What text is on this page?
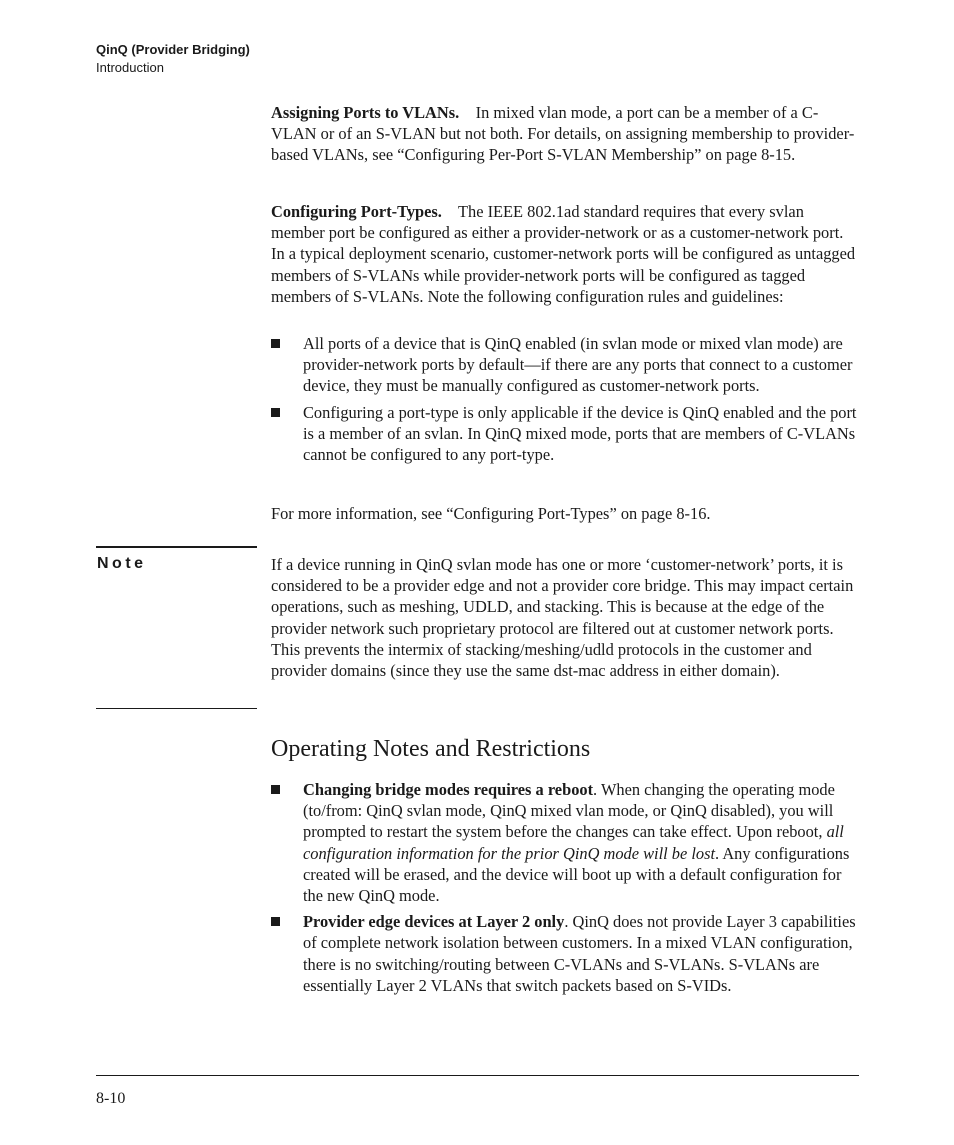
QinQ (Provider Bridging)
Introduction

Assigning Ports to VLANs. In mixed vlan mode, a port can be a member of a C-VLAN or of an S-VLAN but not both. For details, on assigning membership to provider-based VLANs, see “Configuring Per-Port S-VLAN Membership” on page 8-15.

Configuring Port-Types. The IEEE 802.1ad standard requires that every svlan member port be configured as either a provider-network or as a customer-network port. In a typical deployment scenario, customer-network ports will be configured as untagged members of S-VLANs while provider-network ports will be configured as tagged members of S-VLANs. Note the following configuration rules and guidelines:

All ports of a device that is QinQ enabled (in svlan mode or mixed vlan mode) are provider-network ports by default—if there are any ports that connect to a customer device, they must be manually configured as customer-network ports.
Configuring a port-type is only applicable if the device is QinQ enabled and the port is a member of an svlan. In QinQ mixed mode, ports that are members of C-VLANs cannot be configured to any port-type.

For more information, see “Configuring Port-Types” on page 8-16.

Note	If a device running in QinQ svlan mode has one or more ‘customer-network’ ports, it is considered to be a provider edge and not a provider core bridge. This may impact certain operations, such as meshing, UDLD, and stacking. This is because at the edge of the provider network such proprietary protocol are filtered out at customer network ports. This prevents the intermix of stacking/meshing/udld protocols in the customer and provider domains (since they use the same dst-mac address in either domain).

Operating Notes and Restrictions
Changing bridge modes requires a reboot. When changing the operating mode (to/from: QinQ svlan mode, QinQ mixed vlan mode, or QinQ disabled), you will prompted to restart the system before the changes can take effect. Upon reboot, all configuration information for the prior QinQ mode will be lost. Any configurations created will be erased, and the device will boot up with a default configuration for the new QinQ mode.
Provider edge devices at Layer 2 only. QinQ does not provide Layer 3 capabilities of complete network isolation between customers. In a mixed VLAN configuration, there is no switching/routing between C-VLANs and S-VLANs. S-VLANs are essentially Layer 2 VLANs that switch packets based on S-VIDs.
8-10
